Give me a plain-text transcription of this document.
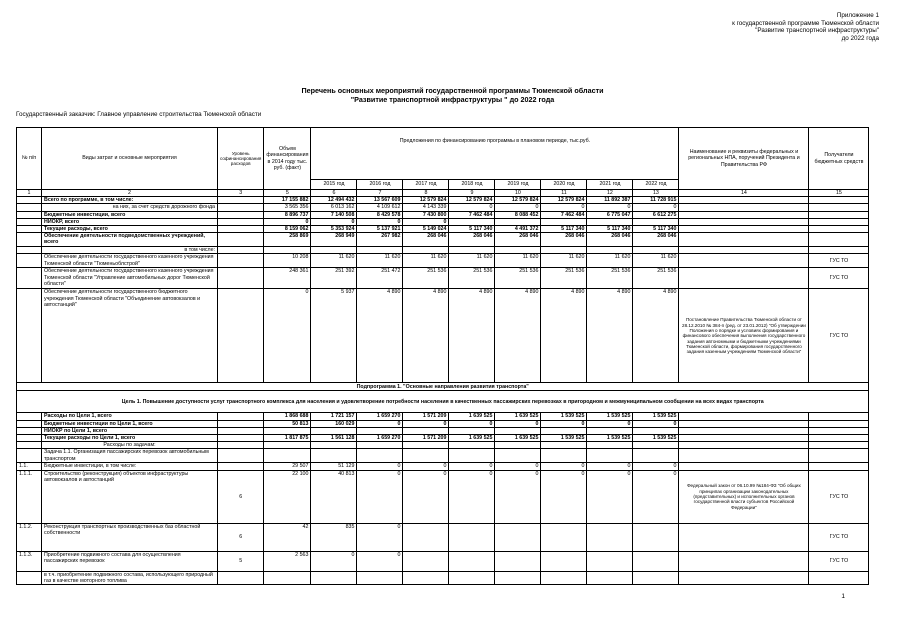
Приложение 1
к государственной программе Тюменской области
"Развитие транспортной инфраструктуры"
до 2022 года
Перечень основных мероприятий государственной программы Тюменской области
"Развитие транспортной инфраструктуры " до 2022 года
Государственный заказчик: Главное управление строительства Тюменской области
№ п/п	Виды затрат и основные мероприятия	Уровень софинансирования расходов	Объем финансирования в 2014 году тыс. руб. (факт)	Предложения по финансированию программы в плановом периоде, тыс.руб.								Наименование и реквизиты федеральных и региональных НПА, поручений Президента и Правительства РФ	Получатели бюджетных средств
				2015 год	2016 год	2017 год	2018 год	2019 год	2020 год	2021 год	2022 год		
1	2	3	5	6	7	8	9	10	11	12	13	14	15
	Всего по программе, в том числе:		17 155 882	12 494 432	13 567 609	12 579 824	12 579 824	12 579 824	12 579 824	11 892 387	11 728 915		
	на них, за счет средств дорожного фонда		3 565 356	6 013 162	4 109 612	4 143 339	0	0	0	0	0		
	Бюджетные инвестиции, всего		8 896 737	7 140 508	8 429 578	7 430 800	7 462 484	8 088 452	7 462 484	6 775 047	6 612 275		
	НИОКР, всего		0	0	0	0							
	Текущие расходы, всего		8 159 062	5 353 924	5 137 921	5 149 024	5 117 340	4 491 372	5 117 340	5 117 340	5 117 340		
	Обеспечение деятельности подведомственных учреждений, всего		258 869	268 949	267 982	268 046	268 046	268 046	268 046	268 046	268 046		
	в том числе:												
	Обеспечение деятельности государственного казенного учреждения Тюменской области "Тюменьоблстрой"		10 208	11 620	11 620	11 620	11 620	11 620	11 620	11 620	11 620		ГУС ТО
	Обеспечение деятельности государственного казенного учреждения Тюменской области "Управление автомобильных дорог Тюменской области"		248 361	251 392	251 472	251 536	251 536	251 536	251 536	251 536	251 536		ГУС ТО
	Обеспечение деятельности государственного бюджетного учреждения Тюменской области "Объединение автовокзалов и автостанций"		0	5 937	4 890	4 890	4 890	4 890	4 890	4 890	4 890	Постановление Правительства Тюменской области от 28.12.2010 № 384-п (ред. от 23.01.2012) "Об утверждении Положения о порядке и условиях формирования и финансового обеспечения выполнения государственного задания автономными и бюджетными учреждениями Тюменской области, формирования государственного задания казенным учреждениям Тюменской области"	ГУС ТО
Подпрограмма 1. "Основные направления развития транспорта"													
Цель 1. Повышение доступности услуг транспортного комплекса для населения и удовлетворение потребности населения в качественных пассажирских перевозках в пригородном и межмуниципальном сообщении на всех видах транспорта													
	Расходы по Цели 1, всего		1 868 688	1 721 157	1 659 270	1 571 209	1 639 525	1 639 525	1 539 525	1 539 525	1 539 525		
	Бюджетные инвестиции по Цели 1, всего		50 813	160 029	0	0	0	0	0	0	0		
	НИОКР по Цели 1, всего												
	Текущие расходы по Цели 1, всего		1 817 875	1 561 128	1 659 270	1 571 209	1 639 525	1 639 525	1 539 525	1 539 525	1 539 525		
	Расходы по задачам:												
	Задача 1.1. Организация пассажирских перевозок автомобильным транспортом												
1.1.	Бюджетные инвестиции, в том числе:		29 507	51 129	0	0	0	0	0	0	0		
1.1.1.	Строительство (реконструкция) объектов инфраструктуры автовокзалов и автостанций	6	22 100	40 813	0	0	0	0	0	0	0	Федеральный закон от 06.10.99 №184-ФЗ "Об общих принципах организации законодательных (представительных) и исполнительных органов государственной власти субъектов Российской Федерации"	ГУС ТО
1.1.2.	Реконструкция транспортных производственных баз областной собственности	6	42	835	0								ГУС ТО
1.1.3.	Приобретение подвижного состава для осуществления пассажирских перевозок	5	2 563	0	0								ГУС ТО
	в т.ч. приобретение подвижного состава, использующего природный газ в качестве моторного топлива												
1
